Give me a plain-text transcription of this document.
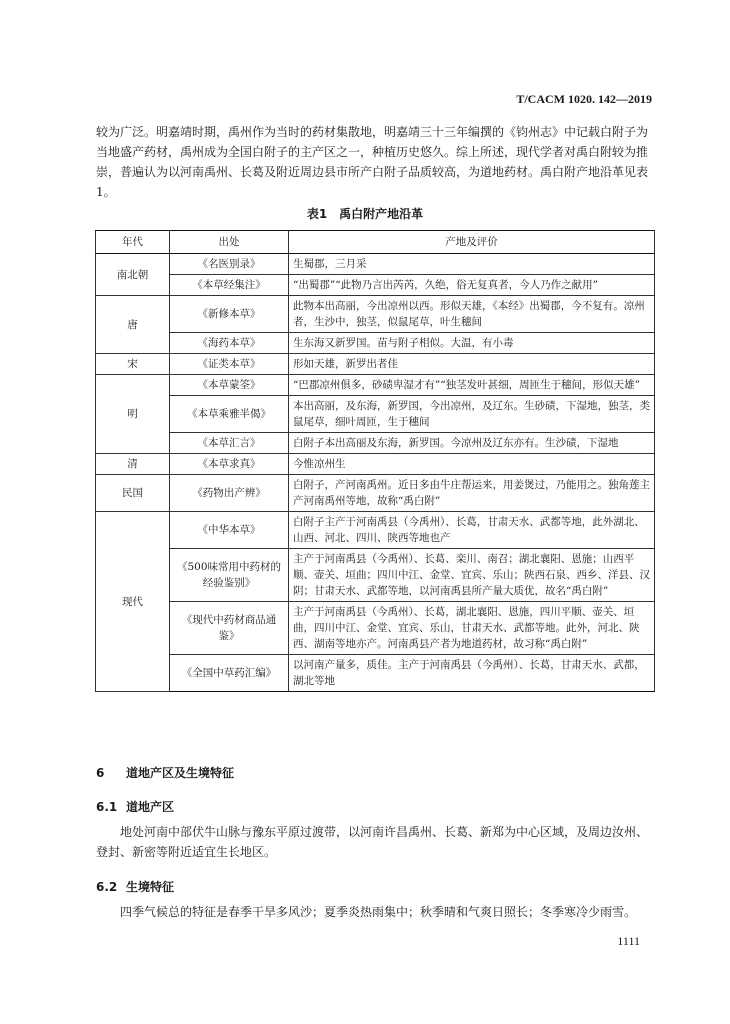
T/CACM 1020. 142—2019

较为广泛。明嘉靖时期，禹州作为当时的药材集散地，明嘉靖三十三年编撰的《钧州志》中记载白附子为当地盛产药材，禹州成为全国白附子的主产区之一，种植历史悠久。综上所述，现代学者对禹白附较为推崇，普遍认为以河南禹州、长葛及附近周边县市所产白附子品质较高，为道地药材。禹白附产地沿革见表1。

表1　禹白附产地沿革
年代	出处	产地及评价
南北朝	《名医别录》	生蜀郡，三月采
	《本草经集注》	“出蜀郡”“此物乃言出芮芮，久绝，俗无复真者，今人乃作之献用”
唐	《新修本草》	此物本出高丽，今出凉州以西。形似天雄，《本经》出蜀郡，今不复有。凉州者，生沙中，独茎，似鼠尾草，叶生穗间
	《海药本草》	生东海又新罗国。苗与附子相似。大温，有小毒
宋	《证类本草》	形如天雄，新罗出者佳
明	《本草蒙筌》	“巴郡凉州俱多，砂碛卑湿才有”“独茎发叶甚细，周匝生于穗间，形似天雄”
	《本草乘雅半偈》	本出高丽，及东海，新罗国，今出凉州，及辽东。生砂碛，下湿地，独茎，类鼠尾草，细叶周匝，生于穗间
	《本草汇言》	白附子本出高丽及东海，新罗国。今凉州及辽东亦有。生沙碛，下湿地
清	《本草求真》	今惟凉州生
民国	《药物出产辨》	白附子，产河南禹州。近日多由牛庄帮运来，用姜煲过，乃能用之。独角莲主产河南禹州等地，故称“禹白附”
现代	《中华本草》	白附子主产于河南禹县（今禹州）、长葛，甘肃天水、武都等地，此外湖北、山西、河北、四川、陕西等地也产
	《500味常用中药材的经验鉴别》	主产于河南禹县（今禹州）、长葛、栾川、南召；湖北襄阳、恩施；山西平顺、壶关、垣曲；四川中江、金堂、宜宾、乐山；陕西石泉、西乡、洋县、汉阴；甘肃天水、武都等地，以河南禹县所产量大质优，故名“禹白附”
	《现代中药材商品通鉴》	主产于河南禹县（今禹州）、长葛，湖北襄阳、恩施，四川平顺、壶关、垣曲，四川中江、金堂、宜宾、乐山，甘肃天水、武都等地。此外，河北、陕西、湖南等地亦产。河南禹县产者为地道药材，故习称“禹白附”
	《全国中草药汇编》	以河南产量多，质佳。主产于河南禹县（今禹州）、长葛，甘肃天水、武都，湖北等地
6 道地产区及生境特征
6.1 道地产区

地处河南中部伏牛山脉与豫东平原过渡带，以河南许昌禹州、长葛、新郑为中心区域，及周边汝州、登封、新密等附近适宜生长地区。

6.2 生境特征

四季气候总的特征是春季干旱多风沙；夏季炎热雨集中；秋季晴和气爽日照长；冬季寒冷少雨雪。

1111
